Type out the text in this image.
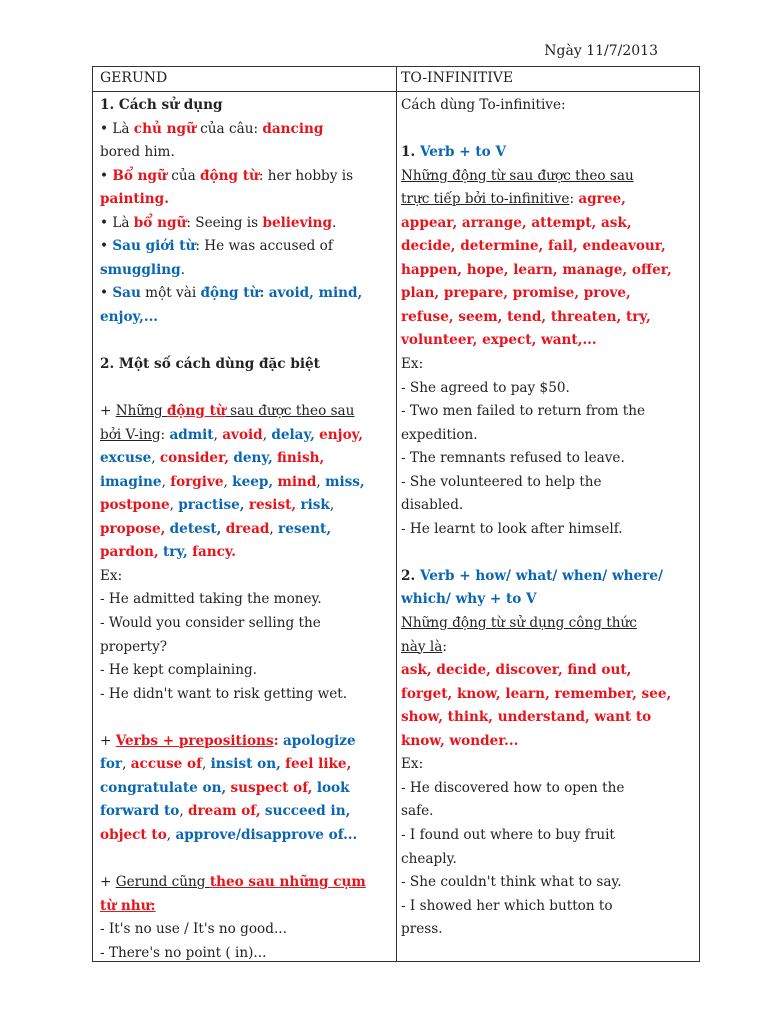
Ngày 11/7/2013
GERUND	TO-INFINITIVE
1. Cách sử dụng
• Là chủ ngữ của câu: dancing
bored him.
• Bổ ngữ của động từ: her hobby is
painting.
• Là bổ ngữ: Seeing is believing.
• Sau giới từ: He was accused of
smuggling.
• Sau một vài động từ: avoid, mind,
enjoy,...
2. Một số cách dùng đặc biệt
+ Những động từ sau được theo sau
bởi V-ing: admit, avoid, delay, enjoy,
excuse, consider, deny, finish,
imagine, forgive, keep, mind, miss,
postpone, practise, resist, risk,
propose, detest, dread, resent,
pardon, try, fancy.
Ex:
- He admitted taking the money.
- Would you consider selling the
property?
- He kept complaining.
- He didn't want to risk getting wet.
+ Verbs + prepositions: apologize
for, accuse of, insist on, feel like,
congratulate on, suspect of, look
forward to, dream of, succeed in,
object to, approve/disapprove of...
+ Gerund cũng theo sau những cụm
từ như:
- It's no use / It's no good...
- There's no point ( in)...
Cách dùng To-infinitive:
1. Verb + to V
Những động từ sau được theo sau
trực tiếp bởi to-infinitive: agree,
appear, arrange, attempt, ask,
decide, determine, fail, endeavour,
happen, hope, learn, manage, offer,
plan, prepare, promise, prove,
refuse, seem, tend, threaten, try,
volunteer, expect, want,...
Ex:
- She agreed to pay $50.
- Two men failed to return from the
expedition.
- The remnants refused to leave.
- She volunteered to help the
disabled.
- He learnt to look after himself.
2. Verb + how/ what/ when/ where/
which/ why + to V
Những động từ sử dụng công thức
này là:
ask, decide, discover, find out,
forget, know, learn, remember, see,
show, think, understand, want to
know, wonder...
Ex:
- He discovered how to open the
safe.
- I found out where to buy fruit
cheaply.
- She couldn't think what to say.
- I showed her which button to
press.
